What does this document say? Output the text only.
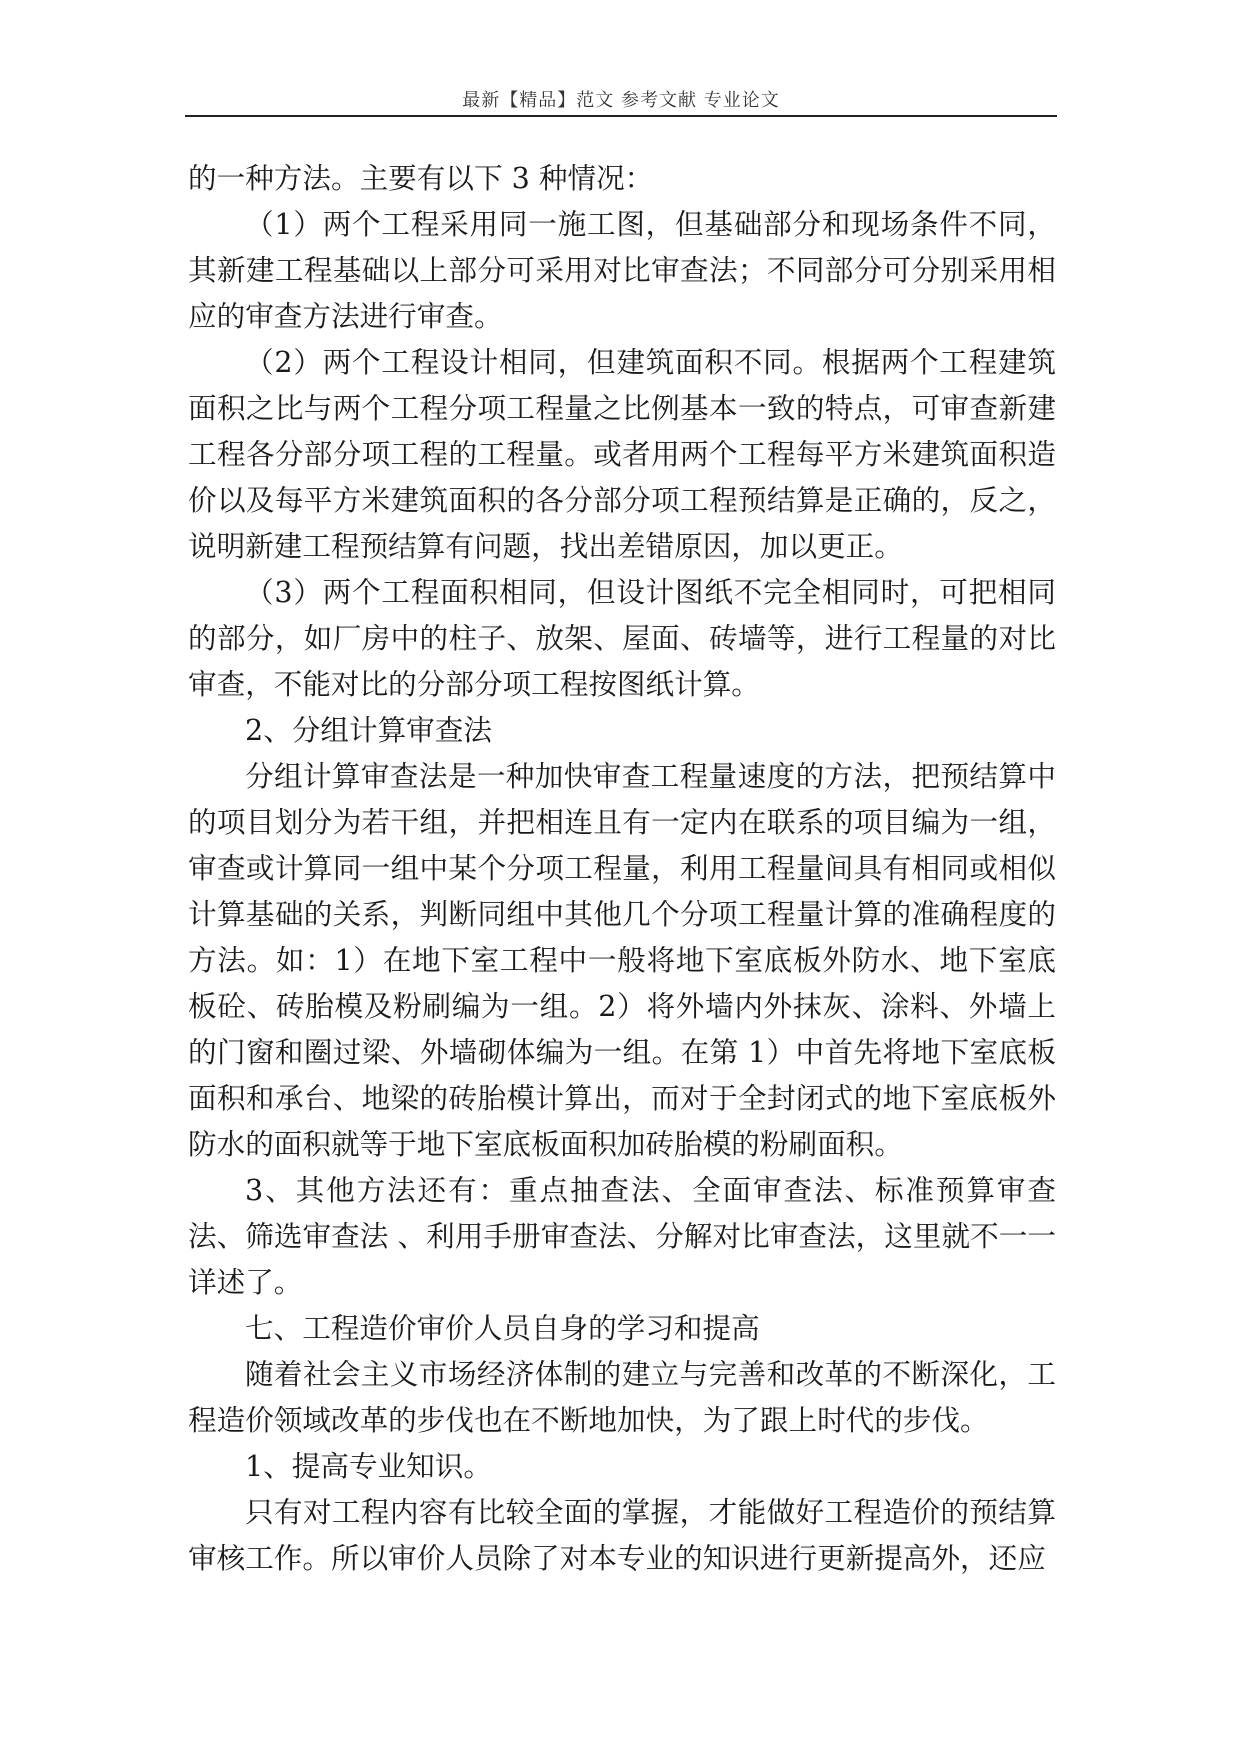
最新【精品】范文 参考文献 专业论文

的一种方法。主要有以下 3 种情况：

（1）两个工程采用同一施工图，但基础部分和现场条件不同，其新建工程基础以上部分可采用对比审查法；不同部分可分别采用相应的审查方法进行审查。

（2）两个工程设计相同，但建筑面积不同。根据两个工程建筑面积之比与两个工程分项工程量之比例基本一致的特点，可审查新建工程各分部分项工程的工程量。或者用两个工程每平方米建筑面积造价以及每平方米建筑面积的各分部分项工程预结算是正确的，反之，说明新建工程预结算有问题，找出差错原因，加以更正。

（3）两个工程面积相同，但设计图纸不完全相同时，可把相同的部分，如厂房中的柱子、放架、屋面、砖墙等，进行工程量的对比审查，不能对比的分部分项工程按图纸计算。

2、分组计算审查法

分组计算审查法是一种加快审查工程量速度的方法，把预结算中的项目划分为若干组，并把相连且有一定内在联系的项目编为一组，审查或计算同一组中某个分项工程量，利用工程量间具有相同或相似计算基础的关系，判断同组中其他几个分项工程量计算的准确程度的方法。如：1）在地下室工程中一般将地下室底板外防水、地下室底板砼、砖胎模及粉刷编为一组。2）将外墙内外抹灰、涂料、外墙上的门窗和圈过梁、外墙砌体编为一组。在第 1）中首先将地下室底板面积和承台、地梁的砖胎模计算出，而对于全封闭式的地下室底板外防水的面积就等于地下室底板面积加砖胎模的粉刷面积。

3、其他方法还有：重点抽查法、全面审查法、标准预算审查法、筛选审查法 、利用手册审查法、分解对比审查法，这里就不一一详述了。

七、工程造价审价人员自身的学习和提高

随着社会主义市场经济体制的建立与完善和改革的不断深化，工程造价领域改革的步伐也在不断地加快，为了跟上时代的步伐。

1、提高专业知识。

只有对工程内容有比较全面的掌握，才能做好工程造价的预结算审核工作。所以审价人员除了对本专业的知识进行更新提高外，还应
